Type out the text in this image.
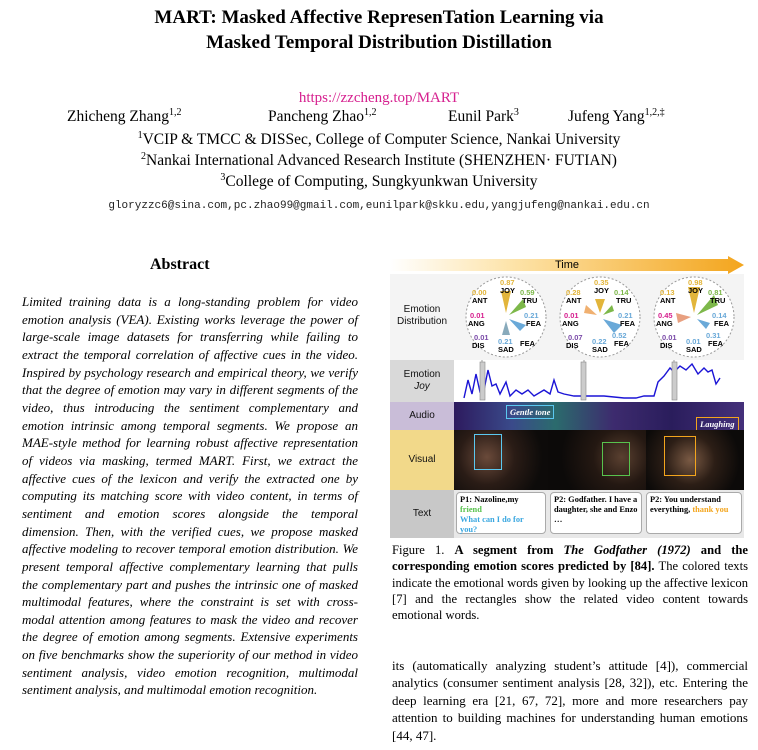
MART: Masked Affective RepresenTation Learning via
Masked Temporal Distribution Distillation
https://zzcheng.top/MART
Zhicheng Zhang$^{1,2}$	Pancheng Zhao$^{1,2}$	Eunil Park$^3$	Jufeng Yang$^{1,2,\ddagger}$
$^1$VCIP & TMCC & DISSec, College of Computer Science, Nankai University
$^2$Nankai International Advanced Research Institute (SHENZHEN· FUTIAN)
$^3$College of Computing, Sungkyunkwan University
gloryzzc6@sina.com,pc.zhao99@gmail.com,eunilpark@skku.edu,yangjufeng@nankai.edu.cn
Abstract
Limited training data is a long-standing problem for video emotion analysis (VEA). Existing works leverage the power of large-scale image datasets for transferring while failing to extract the temporal correlation of affective cues in the video. Inspired by psychology research and empirical theory, we verify that the degree of emotion may vary in different segments of the video, thus introducing the sentiment complementary and emotion intrinsic among temporal segments. We propose an MAE-style method for learning robust affective representation of videos via masking, termed MART. First, we extract the affective cues of the lexicon and verify the extracted one by computing its matching score with video content, in terms of sentiment and emotion scores alongside the temporal dimension. Then, with the verified cues, we propose masked affective modeling to recover temporal emotion distribution. We present temporal affective complementary learning that pulls the complementary part and pushes the intrinsic one of masked multimodal features, where the constraint is set with cross-modal attention among features to mask the video and recover the degree of emotion among segments. Extensive experiments on five benchmarks show the superiority of our method in video sentiment analysis, video emotion recognition, multimodal sentiment analysis, and multimodal emotion recognition.
Time
Emotion
Distribution
Emotion
Joy
Audio
Visual
Text
0.87
JOY 0.59
TRU
0.21
FEA
0.00
ANT
0.01
ANG
0.01
DIS 0.21
SAD
FEA
0.35
JOY 0.14
TRU
0.21
FEA
0.28
ANT
0.01
ANG
0.07
DIS 0.22
SAD
0.52
FEA
0.98
JOY 0.81
TRU
0.14
FEA
0.13
ANT
0.45
ANG
0.01
DIS 0.01
SAD
0.31
FEA
Gentle tone
Laughing
P1: Nazoline,my friend
What can I do for you?
P2: Godfather. I have a daughter, she and Enzo …
P2: You understand everything, thank you
Figure 1. A segment from The Godfather (1972) and the corresponding emotion scores predicted by [84]. The colored texts indicate the emotional words given by looking up the affective lexicon [7] and the rectangles show the related video content towards emotional words.
its (automatically analyzing student’s attitude [4]), commercial analytics (consumer sentiment analysis [28, 32]), etc. Entering the deep learning era [21, 67, 72], more and more researchers pay attention to building machines for understanding human emotions [44, 47].
